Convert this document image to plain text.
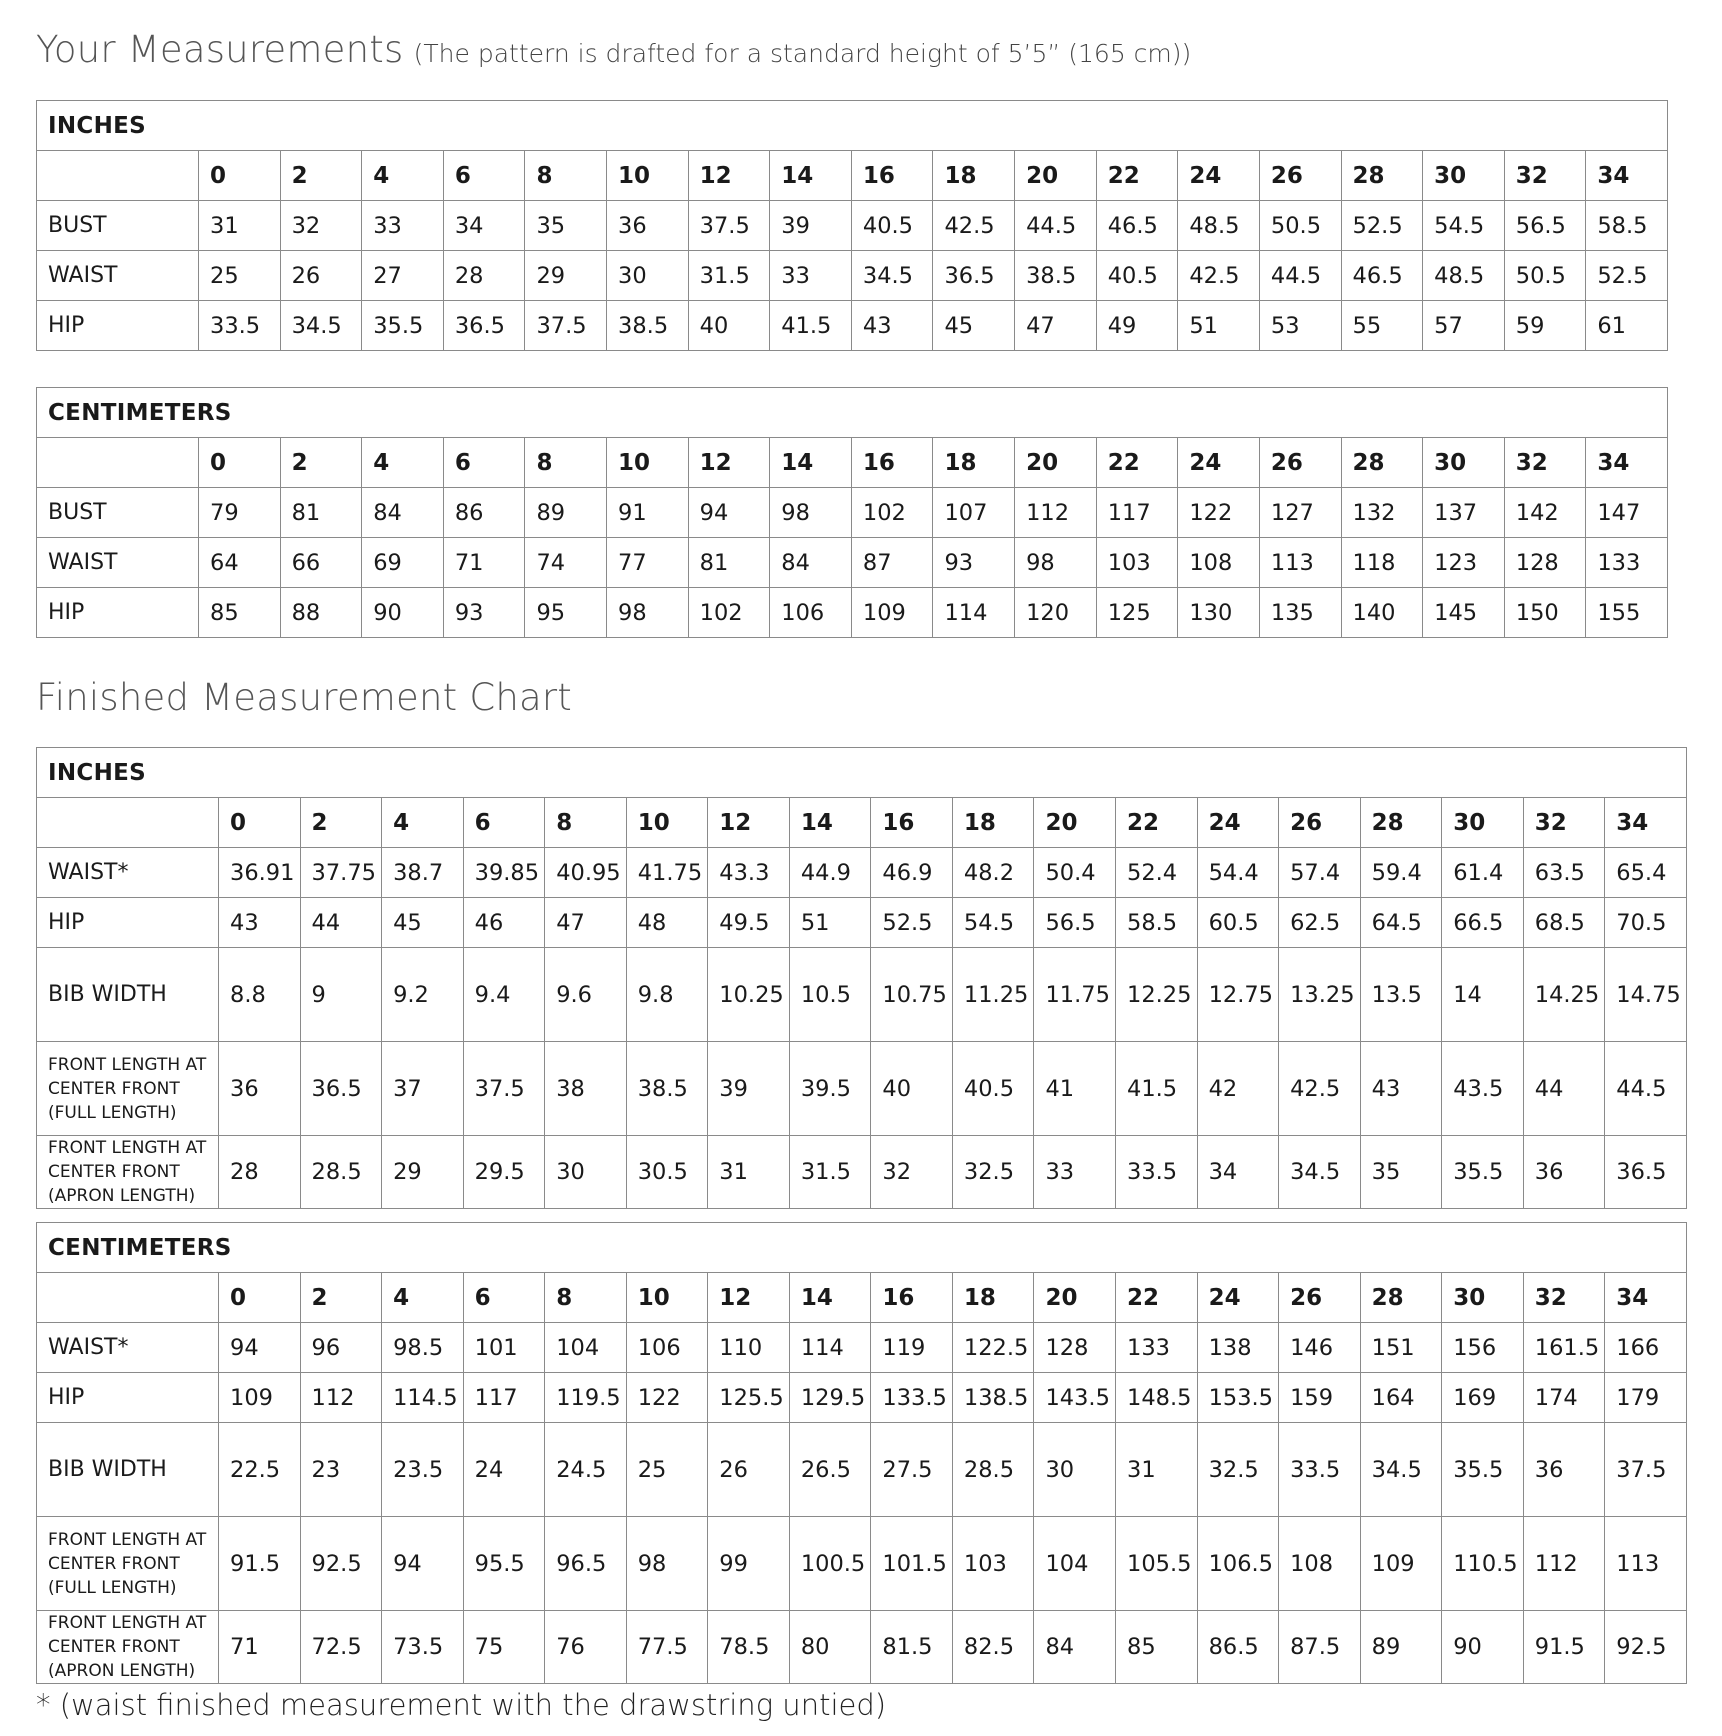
Your Measurements (The pattern is drafted for a standard height of 5’5” (165 cm))
INCHES																		
	0	2	4	6	8	10	12	14	16	18	20	22	24	26	28	30	32	34
BUST	31	32	33	34	35	36	37.5	39	40.5	42.5	44.5	46.5	48.5	50.5	52.5	54.5	56.5	58.5
WAIST	25	26	27	28	29	30	31.5	33	34.5	36.5	38.5	40.5	42.5	44.5	46.5	48.5	50.5	52.5
HIP	33.5	34.5	35.5	36.5	37.5	38.5	40	41.5	43	45	47	49	51	53	55	57	59	61
CENTIMETERS																		
	0	2	4	6	8	10	12	14	16	18	20	22	24	26	28	30	32	34
BUST	79	81	84	86	89	91	94	98	102	107	112	117	122	127	132	137	142	147
WAIST	64	66	69	71	74	77	81	84	87	93	98	103	108	113	118	123	128	133
HIP	85	88	90	93	95	98	102	106	109	114	120	125	130	135	140	145	150	155
Finished Measurement Chart
INCHES																		
	0	2	4	6	8	10	12	14	16	18	20	22	24	26	28	30	32	34
WAIST*	36.91	37.75	38.7	39.85	40.95	41.75	43.3	44.9	46.9	48.2	50.4	52.4	54.4	57.4	59.4	61.4	63.5	65.4
HIP	43	44	45	46	47	48	49.5	51	52.5	54.5	56.5	58.5	60.5	62.5	64.5	66.5	68.5	70.5
BIB WIDTH	8.8	9	9.2	9.4	9.6	9.8	10.25	10.5	10.75	11.25	11.75	12.25	12.75	13.25	13.5	14	14.25	14.75
FRONT LENGTH AT CENTER FRONT (FULL LENGTH)	36	36.5	37	37.5	38	38.5	39	39.5	40	40.5	41	41.5	42	42.5	43	43.5	44	44.5
FRONT LENGTH AT CENTER FRONT (APRON LENGTH)	28	28.5	29	29.5	30	30.5	31	31.5	32	32.5	33	33.5	34	34.5	35	35.5	36	36.5
CENTIMETERS																		
	0	2	4	6	8	10	12	14	16	18	20	22	24	26	28	30	32	34
WAIST*	94	96	98.5	101	104	106	110	114	119	122.5	128	133	138	146	151	156	161.5	166
HIP	109	112	114.5	117	119.5	122	125.5	129.5	133.5	138.5	143.5	148.5	153.5	159	164	169	174	179
BIB WIDTH	22.5	23	23.5	24	24.5	25	26	26.5	27.5	28.5	30	31	32.5	33.5	34.5	35.5	36	37.5
FRONT LENGTH AT CENTER FRONT (FULL LENGTH)	91.5	92.5	94	95.5	96.5	98	99	100.5	101.5	103	104	105.5	106.5	108	109	110.5	112	113
FRONT LENGTH AT CENTER FRONT (APRON LENGTH)	71	72.5	73.5	75	76	77.5	78.5	80	81.5	82.5	84	85	86.5	87.5	89	90	91.5	92.5

* (waist finished measurement with the drawstring untied)
